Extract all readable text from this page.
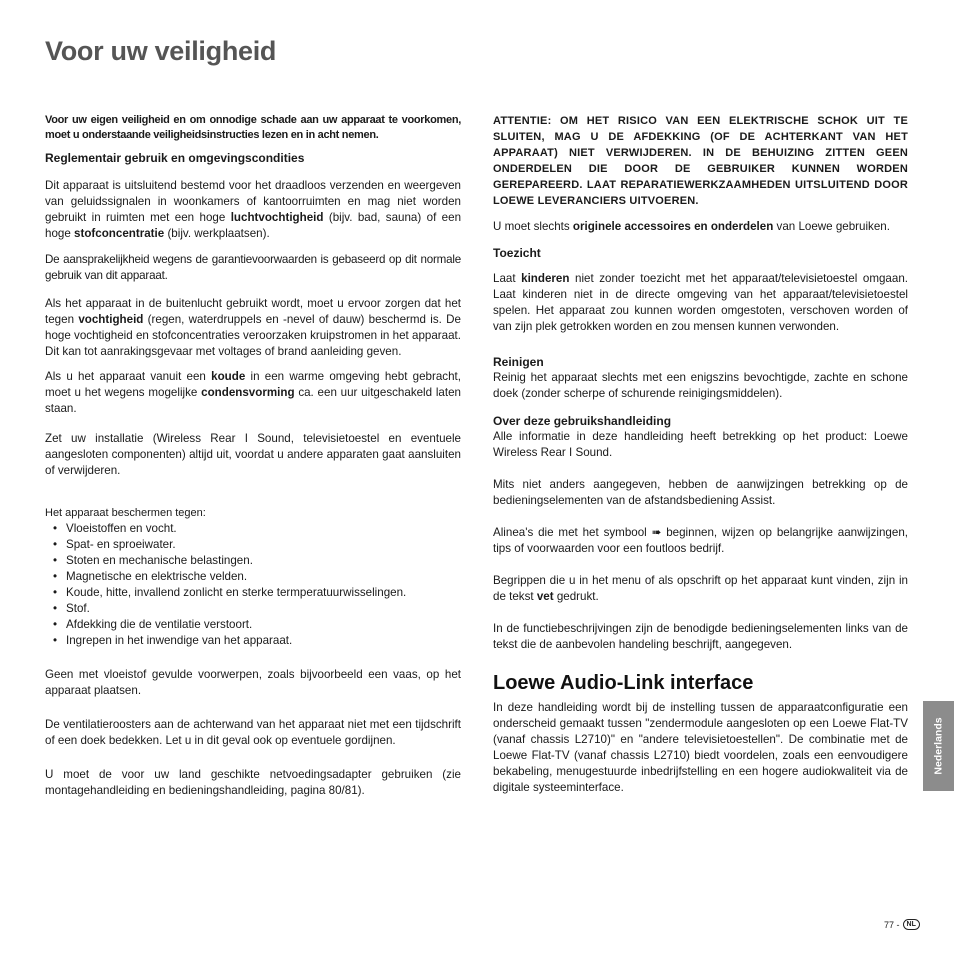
Voor uw veiligheid

Voor uw eigen veiligheid en om onnodige schade aan uw apparaat te voorkomen, moet u onderstaande veiligheidsinstructies lezen en in acht nemen.

Reglementair gebruik en omgevingscondities

Dit apparaat is uitsluitend bestemd voor het draadloos verzenden en weergeven van geluidssignalen in woonkamers of kantoorruimten en mag niet worden gebruikt in ruimten met een hoge luchtvochtigheid (bijv. bad, sauna) of een hoge stofconcentratie (bijv. werkplaatsen).

De aansprakelijkheid wegens de garantievoorwaarden is gebaseerd op dit normale gebruik van dit apparaat.

Als het apparaat in de buitenlucht gebruikt wordt, moet u ervoor zorgen dat het tegen vochtigheid (regen, waterdruppels en -nevel of dauw) beschermd is. De hoge vochtigheid en stofconcentraties veroorzaken kruipstromen in het apparaat. Dit kan tot aanrakingsgevaar met voltages of brand aanleiding geven.

Als u het apparaat vanuit een koude in een warme omgeving hebt gebracht, moet u het wegens mogelijke condensvorming ca. een uur uitgeschakeld laten staan.

Zet uw installatie (Wireless Rear I Sound, televisietoestel en eventuele aangesloten componenten) altijd uit, voordat u andere apparaten gaat aansluiten of verwijderen.

Het apparaat beschermen tegen:

• Vloeistoffen en vocht.
• Spat- en sproeiwater.
• Stoten en mechanische belastingen.
• Magnetische en elektrische velden.
• Koude, hitte, invallend zonlicht en sterke termperatuurwisselingen.
• Stof.
• Afdekking die de ventilatie verstoort.
• Ingrepen in het inwendige van het apparaat.

Geen met vloeistof gevulde voorwerpen, zoals bijvoorbeeld een vaas, op het apparaat plaatsen.

De ventilatieroosters aan de achterwand van het apparaat niet met een tijdschrift of een doek bedekken. Let u in dit geval ook op eventuele gordijnen.

U moet de voor uw land geschikte netvoedingsadapter gebruiken (zie montagehandleiding en bedieningshandleiding, pagina 80/81).

ATTENTIE: OM HET RISICO VAN EEN ELEKTRISCHE SCHOK UIT TE SLUITEN, MAG U DE AFDEKKING (OF DE ACHTERKANT VAN HET APPARAAT) NIET VERWIJDEREN. IN DE BEHUIZING ZITTEN GEEN ONDERDELEN DIE DOOR DE GEBRUIKER KUNNEN WORDEN GEREPAREERD. LAAT REPARATIEWERKZAAMHEDEN UITSLUITEND DOOR LOEWE LEVERANCIERS UITVOEREN.

U moet slechts originele accessoires en onderdelen van Loewe gebruiken.

Toezicht

Laat kinderen niet zonder toezicht met het apparaat/televisietoestel omgaan. Laat kinderen niet in de directe omgeving van het apparaat/televisietoestel spelen. Het apparaat zou kunnen worden omgestoten, verschoven worden of van zijn plek getrokken worden en zou mensen kunnen verwonden.

Reinigen

Reinig het apparaat slechts met een enigszins bevochtigde, zachte en schone doek (zonder scherpe of schurende reinigingsmiddelen).

Over deze gebruikshandleiding

Alle informatie in deze handleiding heeft betrekking op het product: Loewe Wireless Rear I Sound.

Mits niet anders aangegeven, hebben de aanwijzingen betrekking op de bedieningselementen van de afstandsbediening Assist.

Alinea's die met het symbool ➠ beginnen, wijzen op belangrijke aanwijzingen, tips of voorwaarden voor een foutloos bedrijf.

Begrippen die u in het menu of als opschrift op het apparaat kunt vinden, zijn in de tekst vet gedrukt.

In de functiebeschrijvingen zijn de benodigde bedieningselementen links van de tekst die de aanbevolen handeling beschrijft, aangegeven.

Loewe Audio-Link interface

In deze handleiding wordt bij de instelling tussen de apparaatconfiguratie een onderscheid gemaakt tussen "zendermodule aangesloten op een Loewe Flat-TV (vanaf chassis L2710)" en "andere televisietoestellen". De combinatie met de Loewe Flat-TV (vanaf chassis L2710) biedt voordelen, zoals een eenvoudigere bekabeling, menugestuurde inbedrijfstelling en een hogere audiokwaliteit via de digitale systeeminterface.

Nederlands
77 -	NL
